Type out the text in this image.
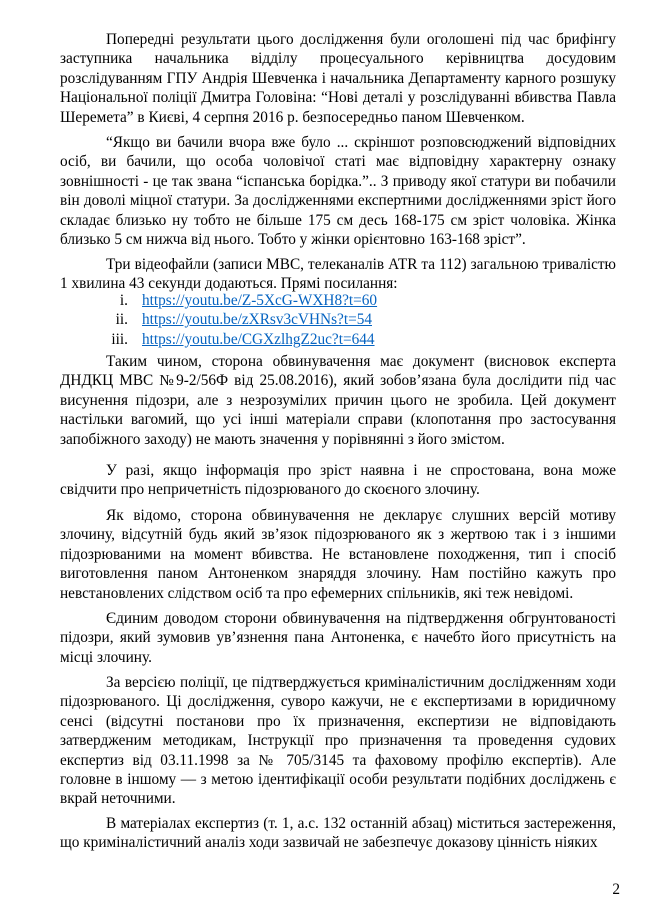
Попередні результати цього дослідження були оголошені під час брифінгу заступника начальника відділу процесуального керівництва досудовим розслідуванням ГПУ Андрія Шевченка і начальника Департаменту карного розшуку Національної поліції Дмитра Головіна: “Нові деталі у розслідуванні вбивства Павла Шеремета” в Києві, 4 серпня 2016 р. безпосередньо паном Шевченком.

“Якщо ви бачили вчора вже було ... скріншот розповсюджений відповідних осіб, ви бачили, що особа чоловічої статі має відповідну характерну ознаку зовнішності - це так звана “іспанська борідка.”.. З приводу якої статури ви побачили він доволі міцної статури. За дослідженнями експертними дослідженнями зріст його складає близько ну тобто не більше 175 см десь 168-175 см зріст чоловіка. Жінка близько 5 см нижча від нього. Тобто у жінки орієнтовно 163-168 зріст”.

Три відеофайли (записи МВС, телеканалів АТR та 112) загальною тривалістю 1 хвилина 43 секунди додаються. Прямі посилання:

i. https://youtu.be/Z-5XcG-WXH8?t=60
ii. https://youtu.be/zXRsv3cVHNs?t=54
iii. https://youtu.be/CGXzlhgZ2uc?t=644

Таким чином, сторона обвинувачення має документ (висновок експерта ДНДКЦ МВС №9-2/56Ф від 25.08.2016), який зобов’язана була дослідити під час висунення підозри, але з незрозумілих причин цього не зробила. Цей документ настільки вагомий, що усі інші матеріали справи (клопотання про застосування запобіжного заходу) не мають значення у порівнянні з його змістом.

У разі, якщо інформація про зріст наявна і не спростована, вона може свідчити про непричетність підозрюваного до скоєного злочину.

Як відомо, сторона обвинувачення не декларує слушних версій мотиву злочину, відсутній будь який зв’язок підозрюваного як з жертвою так і з іншими підозрюваними на момент вбивства. Не встановлене походження, тип і спосіб виготовлення паном Антоненком знаряддя злочину. Нам постійно кажуть про невстановлених слідством осіб та про ефемерних спільників, які теж невідомі.

Єдиним доводом сторони обвинувачення на підтвердження обгрунтованості підозри, який зумовив ув’язнення пана Антоненка, є начебто його присутність на місці злочину.

За версією поліції, це підтверджується криміналістичним дослідженням ходи підозрюваного. Ці дослідження, суворо кажучи, не є експертизами в юридичному сенсі (відсутні постанови про їх призначення, експертизи не відповідають затвердженим методикам, Інструкції про призначення та проведення судових експертиз від 03.11.1998 за № 705/3145 та фаховому профілю експертів). Але головне в іншому — з метою ідентифікації особи результати подібних досліджень є вкрай неточними.

В матеріалах експертиз (т. 1, а.с. 132 останній абзац) міститься застереження, що криміналістичний аналіз ходи зазвичай не забезпечує доказову цінність ніяких

2
